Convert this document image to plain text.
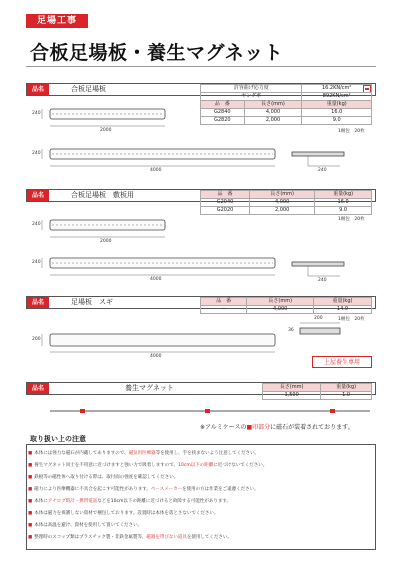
足場工事
合板足場板・養生マグネット
品名	合板足場板	許容曲げ応力度		16.2KN/cm²
ヤング率		892KN/cm²
品　番	長さ(mm)	重量(kg)
G2840	4,000	16.0
G2820	2,000	9.0
1梱包　20枚
品名	合板足場板　敷板用	品　番	長さ(mm)	重量(kg)
G2040	4,000	16.0
G2020	2,000	9.0
1梱包　20枚
品名	足場板　スギ	品　番	長さ(mm)	重量(kg)
ー	4,000	14.0
1梱包　20枚
上屋養生専用
品名	養生マグネット	長さ(mm)	重量(kg)
1,500	1.0
※アルミケースの■印部分に磁石が装着されております。
240
2000
4000
240
240
240
2000
4000
240
240
200
4000
200
36
取り扱い上の注意
■ 本体には強力な磁石が内蔵してありますので、磁気用医療器等を使用し、手を挟まないよう注意してください。
■ 養生マグネット同士を不用意に近づけますと強い力で吸着しますので、10cm以下の距離に近づけないでください。
■ 鉄板等の磁性体へ取り付ける際は、取付面の強度を確認してください。
■ 磁力により医療機器に不具合を起こす可能性があります。ペースメーカーを使用の方は作業をご遠慮ください。
■ 本体にアナログ時計・携帯電話などを10cm以下の距離に近づけると故障する可能性があります。
■ 本体は磁力を保護しない資材で梱包しております。設置時は本体を落とさないでください。
■ 本体は高温を避け、資材を使用して置いてください。
■ 整理時のスコップ類はプラスチック製・非鉄金属製等、磁器を帯びない道具を使用してください。
